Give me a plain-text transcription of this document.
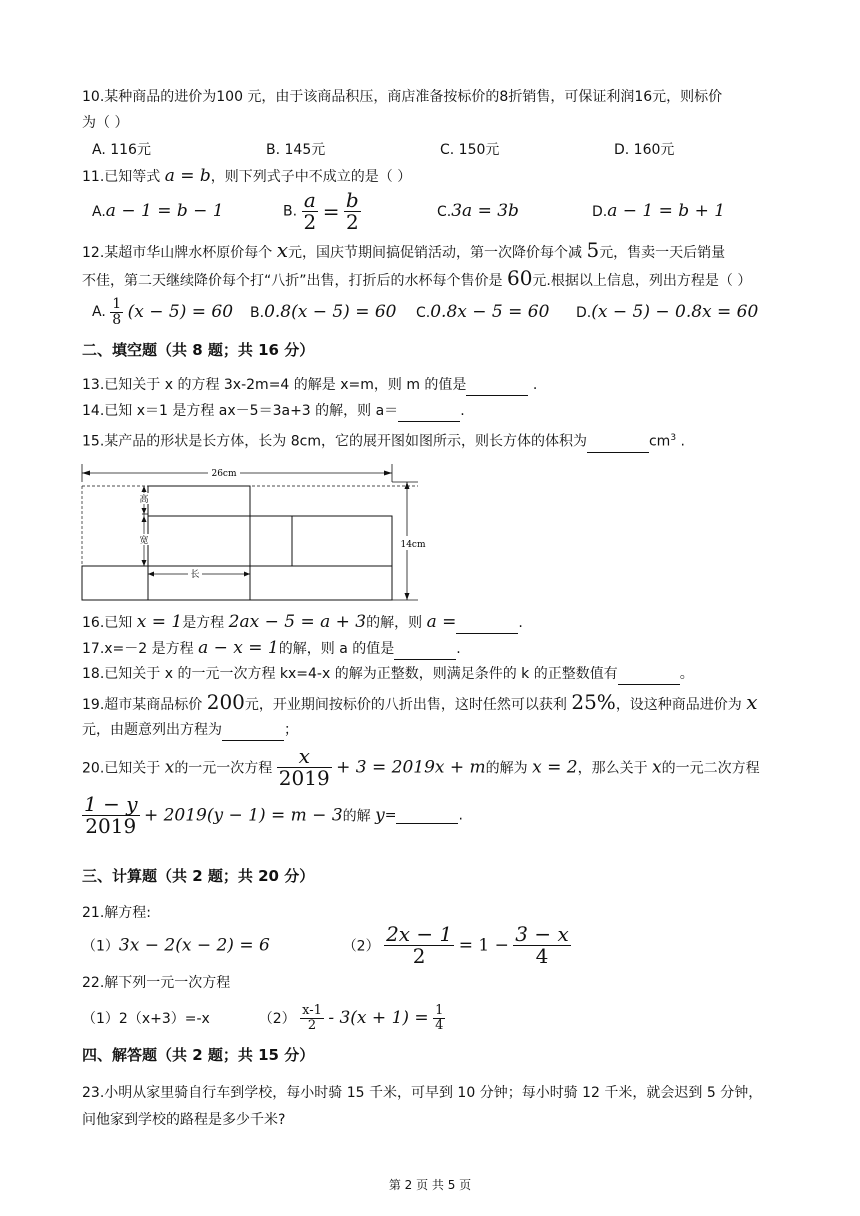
10.某种商品的进价为100 元，由于该商品积压，商店准备按标价的8折销售，可保证利润16元，则标价
为（ ）
A. 116元	B. 145元	C. 150元	D. 160元
11.已知等式 a = b，则下列式子中不成立的是（ ）
A.a − 1 = b − 1	B. $\frac{a}{2} = \frac{b}{2}$	C.3a = 3b	D.a − 1 = b + 1
12.某超市华山牌水杯原价每个 x元，国庆节期间搞促销活动，第一次降价每个减 5元，售卖一天后销量
不佳，第二天继续降价每个打“八折”出售，打折后的水杯每个售价是 60元.根据以上信息，列出方程是（ ）
A. $\frac{1}{8} (x - 5) = 60$ B.0.8(x − 5) = 60 C.0.8x − 5 = 60 D.(x − 5) − 0.8x = 60
二、填空题（共 8 题；共 16 分）
13.已知关于 x 的方程 3x-2m=4 的解是 x=m，则 m 的值是	.
14.已知 x＝1 是方程 ax－5＝3a+3 的解，则 a＝	.
15.某产品的形状是长方体，长为 8cm，它的展开图如图所示，则长方体的体积为	$cm^3$ .
26cm
高
宽
长
14cm
16.已知 x = 1是方程 2ax − 5 = a + 3的解，则 a =	.
17.x=－2 是方程 a − x = 1的解，则 a 的值是	.
18.已知关于 x 的一元一次方程 kx=4-x 的解为正整数，则满足条件的 k 的正整数值有	。
19.超市某商品标价 200元，开业期间按标价的八折出售，这时任然可以获利 25%，设这种商品进价为 x
元，由题意列出方程为	；
20.已知关于 x的一元一次方程 $\frac{x}{2019} + 3 = 2019x + m$的解为 x = 2，那么关于 x的一元二次方程
$\frac{1 - y}{2019} + 2019(y - 1) = m - 3$的解 y=	.
三、计算题（共 2 题；共 20 分）
21.解方程:
（1）3x − 2(x − 2) = 6	$(2) \frac{2x - 1}{2} = 1 - \frac{3 - x}{4}$
22.解下列一元一次方程
（1）2（x+3）=-x	$(2) \frac{x-1}{2} - 3(x + 1) = \frac{1}{4}$
四、解答题（共 2 题；共 15 分）
23.小明从家里骑自行车到学校，每小时骑 15 千米，可早到 10 分钟；每小时骑 12 千米，就会迟到 5 分钟，
问他家到学校的路程是多少千米?
第 2 页 共 5 页
